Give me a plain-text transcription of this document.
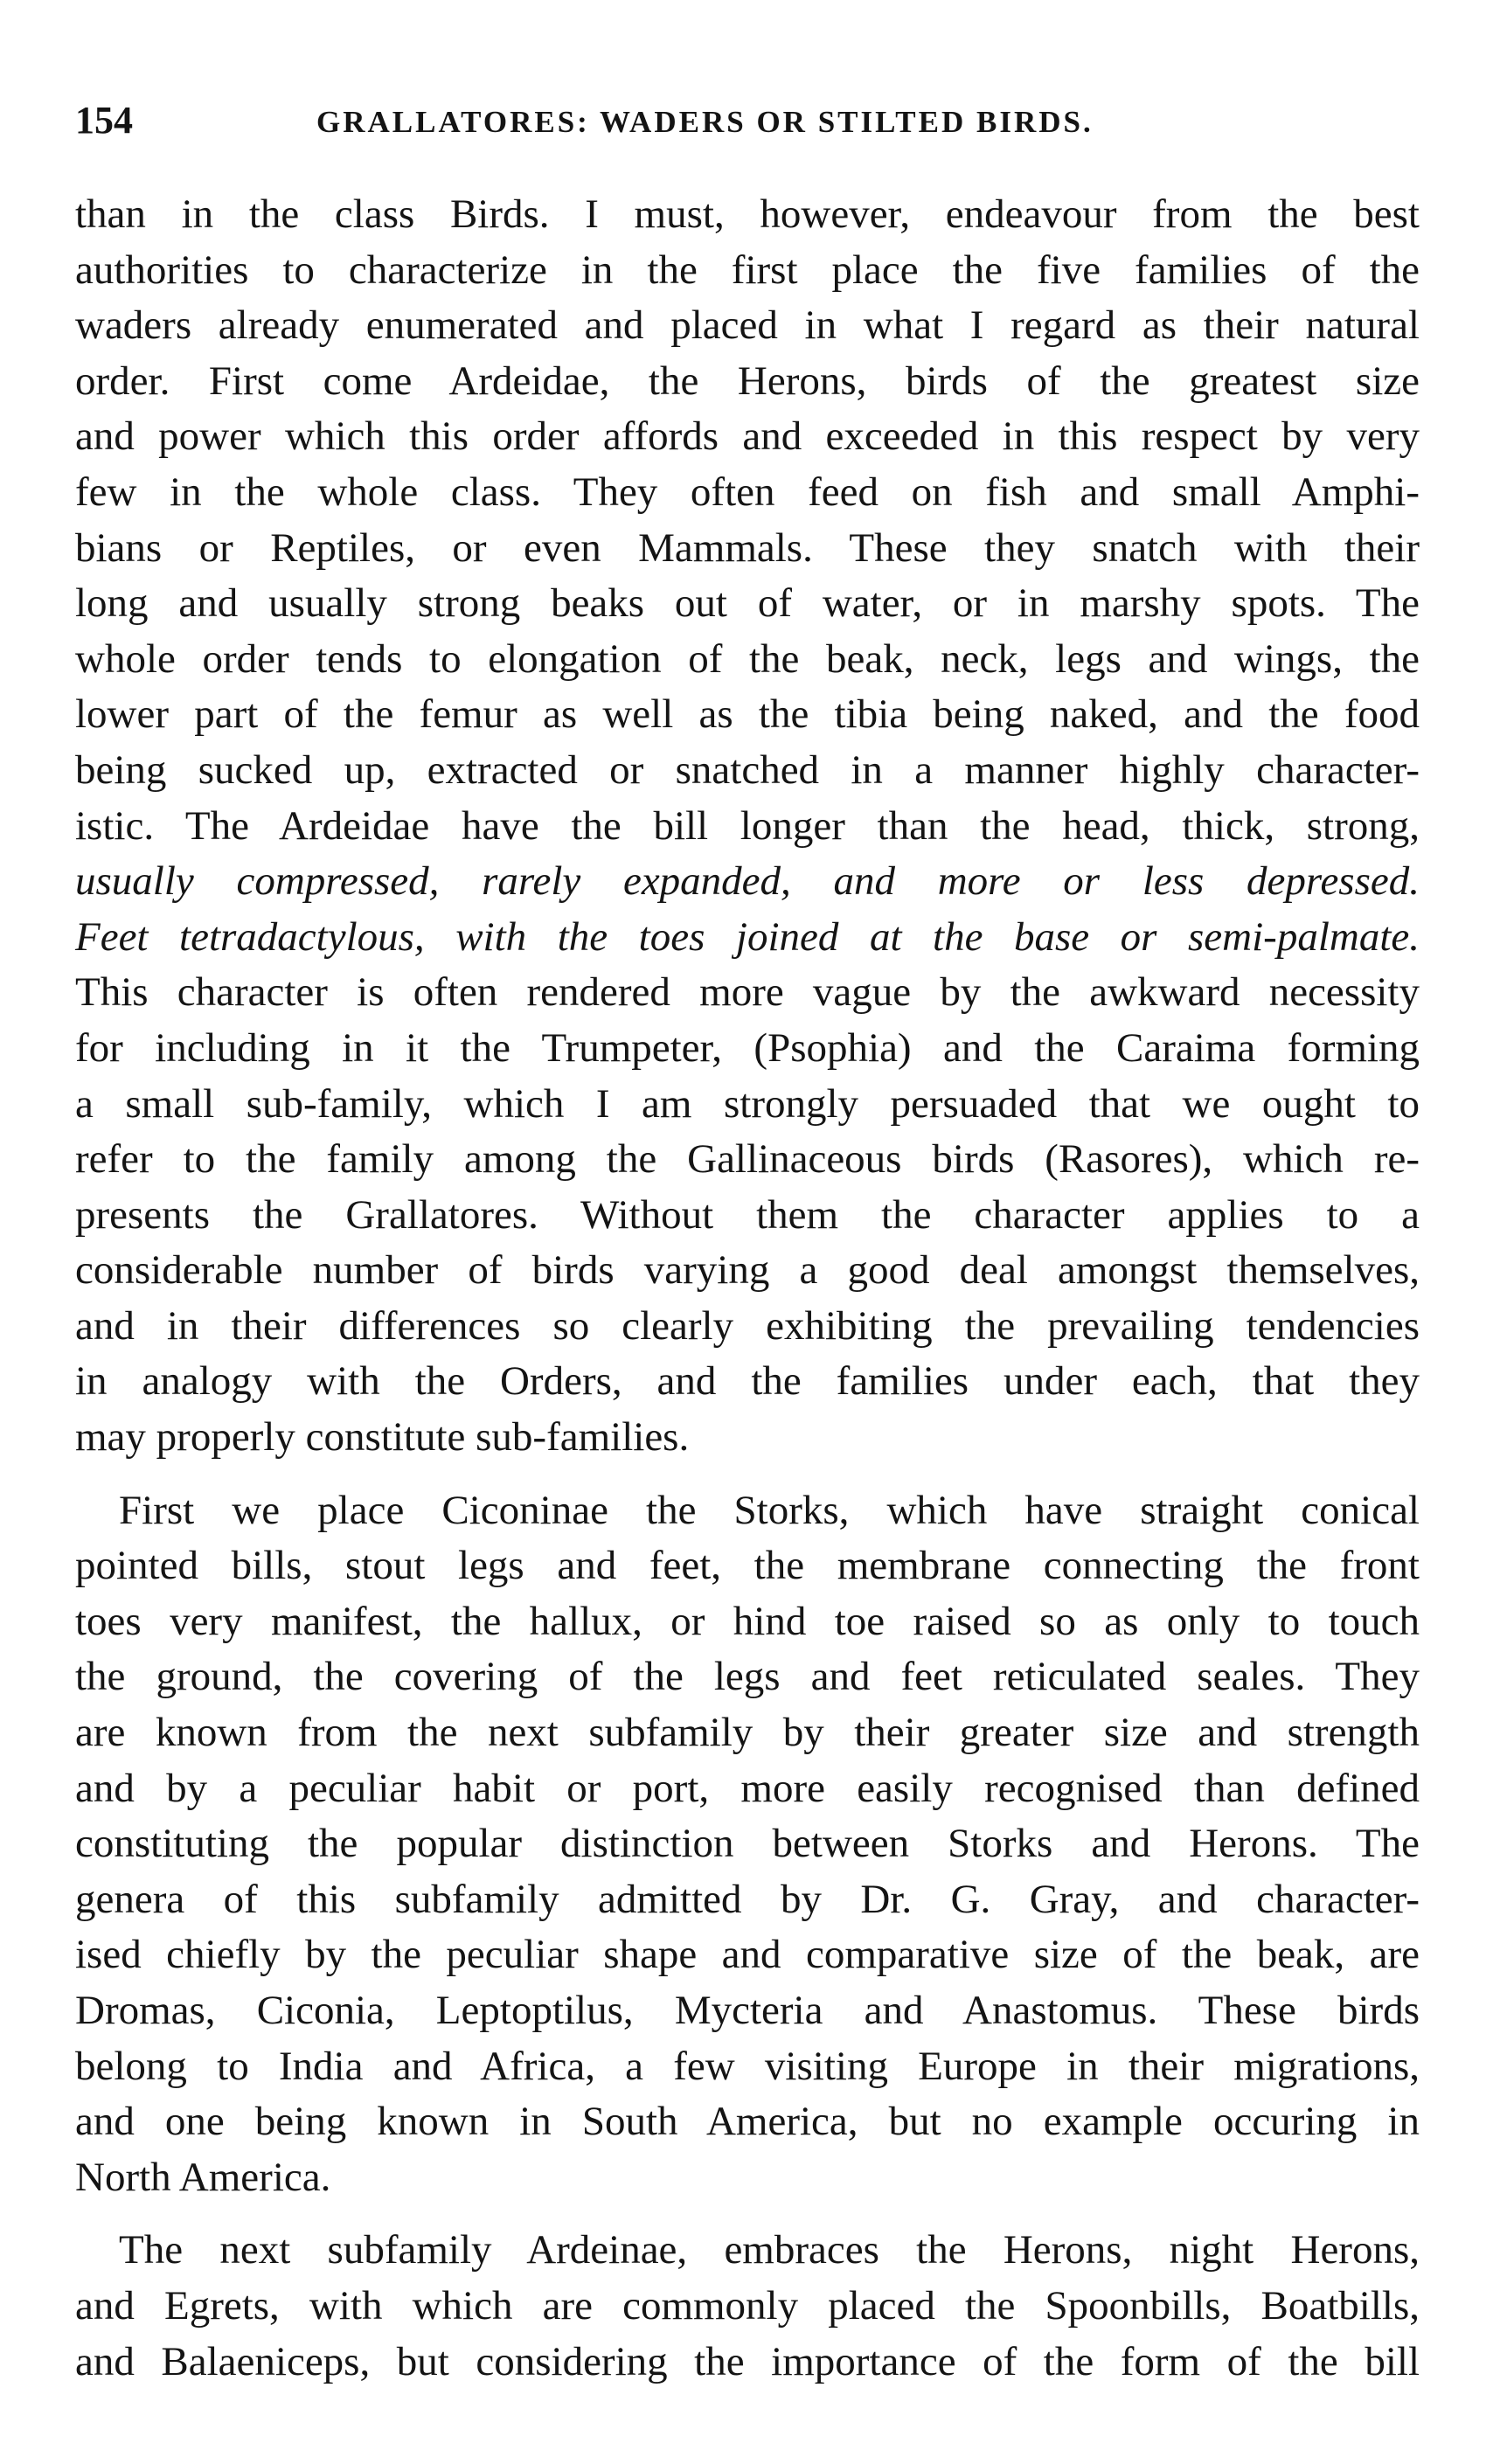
154	GRALLATORES: WADERS OR STILTED BIRDS.

than in the class Birds. I must, however, endeavour from the best
authorities to characterize in the first place the five families of the
waders already enumerated and placed in what I regard as their natural
order. First come Ardeidae, the Herons, birds of the greatest size
and power which this order affords and exceeded in this respect by very
few in the whole class. They often feed on fish and small Amphi-
bians or Reptiles, or even Mammals. These they snatch with their
long and usually strong beaks out of water, or in marshy spots. The
whole order tends to elongation of the beak, neck, legs and wings, the
lower part of the femur as well as the tibia being naked, and the food
being sucked up, extracted or snatched in a manner highly character-
istic. The Ardeidae have the bill longer than the head, thick, strong,
usually compressed, rarely expanded, and more or less depressed.
Feet tetradactylous, with the toes joined at the base or semi-palmate.
This character is often rendered more vague by the awkward necessity
for including in it the Trumpeter, (Psophia) and the Caraima forming
a small sub-family, which I am strongly persuaded that we ought to
refer to the family among the Gallinaceous birds (Rasores), which re-
presents the Grallatores. Without them the character applies to a
considerable number of birds varying a good deal amongst themselves,
and in their differences so clearly exhibiting the prevailing tendencies
in analogy with the Orders, and the families under each, that they
may properly constitute sub-families.

First we place Ciconinae the Storks, which have straight conical
pointed bills, stout legs and feet, the membrane connecting the front
toes very manifest, the hallux, or hind toe raised so as only to touch
the ground, the covering of the legs and feet reticulated seales. They
are known from the next subfamily by their greater size and strength
and by a peculiar habit or port, more easily recognised than defined
constituting the popular distinction between Storks and Herons. The
genera of this subfamily admitted by Dr. G. Gray, and character-
ised chiefly by the peculiar shape and comparative size of the beak, are
Dromas, Ciconia, Leptoptilus, Mycteria and Anastomus. These birds
belong to India and Africa, a few visiting Europe in their migrations,
and one being known in South America, but no example occuring in
North America.

The next subfamily Ardeinae, embraces the Herons, night Herons,
and Egrets, with which are commonly placed the Spoonbills, Boatbills,
and Balaeniceps, but considering the importance of the form of the bill
